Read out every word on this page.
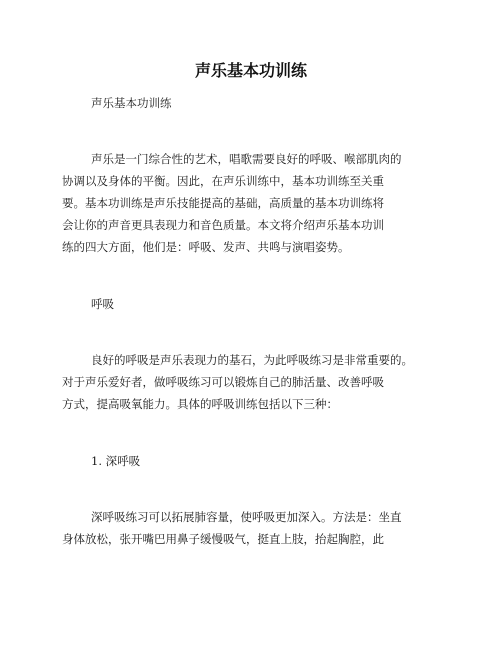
声乐基本功训练
声乐基本功训练
声乐是一门综合性的艺术，唱歌需要良好的呼吸、喉部肌肉的
协调以及身体的平衡。因此，在声乐训练中，基本功训练至关重
要。基本功训练是声乐技能提高的基础，高质量的基本功训练将
会让你的声音更具表现力和音色质量。本文将介绍声乐基本功训
练的四大方面，他们是：呼吸、发声、共鸣与演唱姿势。
呼吸
良好的呼吸是声乐表现力的基石，为此呼吸练习是非常重要的。
对于声乐爱好者，做呼吸练习可以锻炼自己的肺活量、改善呼吸
方式，提高吸氧能力。具体的呼吸训练包括以下三种：
1. 深呼吸
深呼吸练习可以拓展肺容量，使呼吸更加深入。方法是：坐直
身体放松，张开嘴巴用鼻子缓慢吸气，挺直上肢，抬起胸腔，此
